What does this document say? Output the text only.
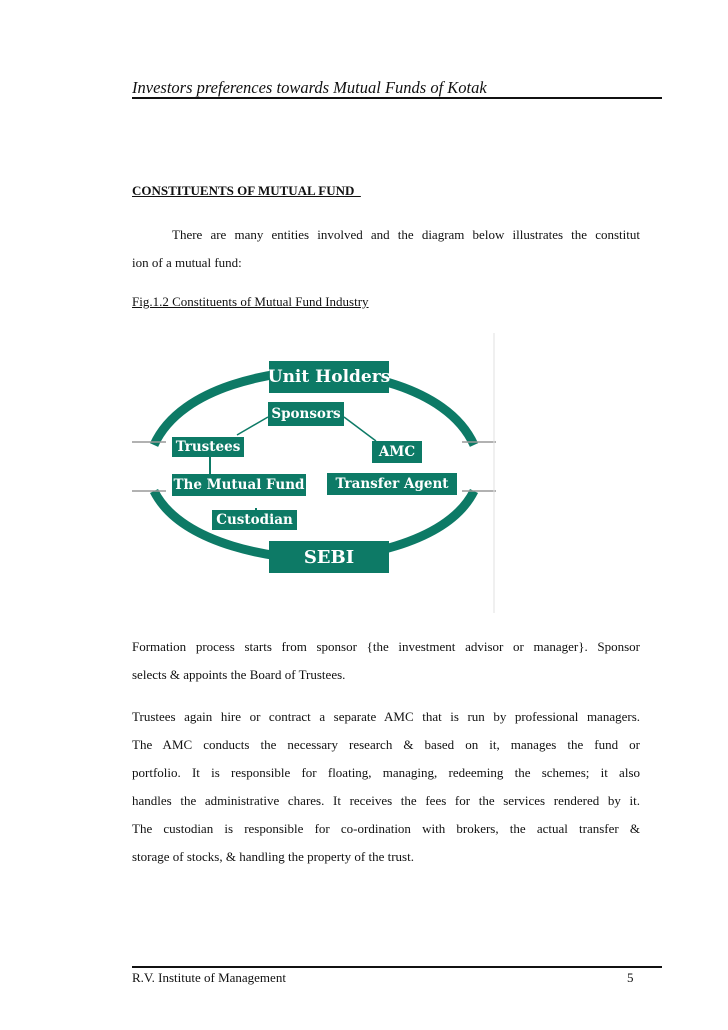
Investors preferences towards Mutual Funds of Kotak
CONSTITUENTS OF MUTUAL FUND
There are many entities involved and the diagram below illustrates the constitut
ion of a mutual fund:
Fig.1.2 Constituents of Mutual Fund Industry
Unit Holders
Sponsors
Trustees	AMC
The Mutual Fund	Transfer Agent
Custodian
SEBI
Formation process starts from sponsor {the investment advisor or manager}. Sponsor
selects & appoints the Board of Trustees.
Trustees again hire or contract a separate AMC that is run by professional managers.
The AMC conducts the necessary research & based on it, manages the fund or
portfolio. It is responsible for floating, managing, redeeming the schemes; it also
handles the administrative chares. It receives the fees for the services rendered by it.
The custodian is responsible for co-ordination with brokers, the actual transfer &
storage of stocks, & handling the property of the trust.
R.V. Institute of Management	5
